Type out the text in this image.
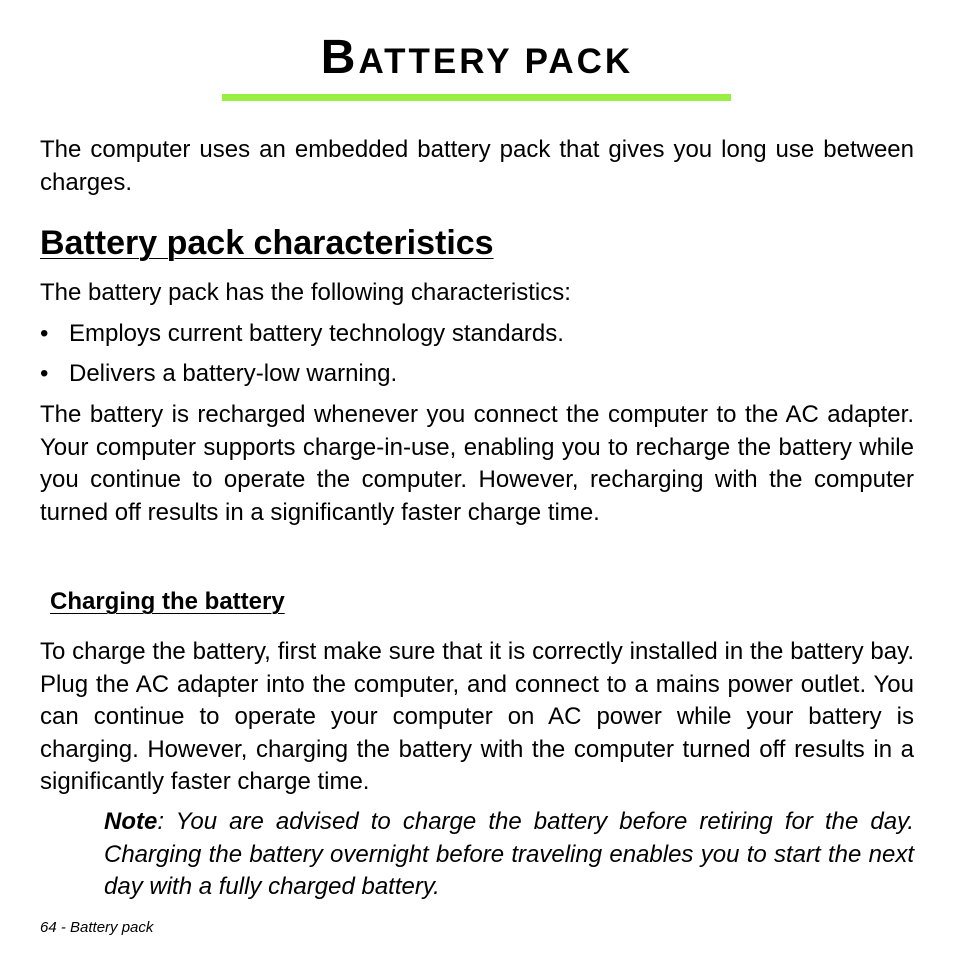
BATTERY PACK

The computer uses an embedded battery pack that gives you long use between charges.

Battery pack characteristics

The battery pack has the following characteristics:

• Employs current battery technology standards.

• Delivers a battery-low warning.

The battery is recharged whenever you connect the computer to the AC adapter. Your computer supports charge-in-use, enabling you to recharge the battery while you continue to operate the computer. However, recharging with the computer turned off results in a significantly faster charge time.

Charging the battery

To charge the battery, first make sure that it is correctly installed in the battery bay. Plug the AC adapter into the computer, and connect to a mains power outlet. You can continue to operate your computer on AC power while your battery is charging. However, charging the battery with the computer turned off results in a significantly faster charge time.

Note: You are advised to charge the battery before retiring for the day. Charging the battery overnight before traveling enables you to start the next day with a fully charged battery.

64 - Battery pack
